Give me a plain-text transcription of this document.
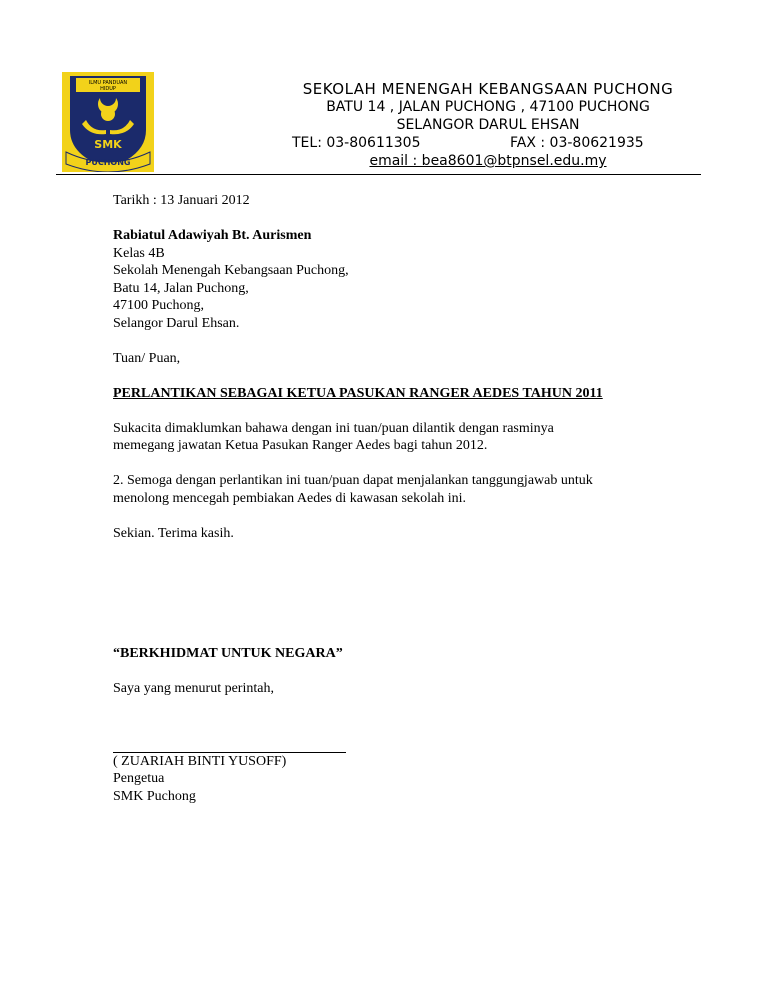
ILMU PANDUAN
HIDUP
SMK
PUCHONG
SEKOLAH MENENGAH KEBANGSAAN PUCHONG
BATU 14 , JALAN PUCHONG , 47100 PUCHONG
SELANGOR DARUL EHSAN
TEL: 03-80611305	FAX : 03-80621935
email : bea8601@btpnsel.edu.my

Tarikh : 13 Januari 2012

Rabiatul Adawiyah Bt. Aurismen

Kelas 4B

Sekolah Menengah Kebangsaan Puchong,

Batu 14, Jalan Puchong,

47100 Puchong,

Selangor Darul Ehsan.

Tuan/ Puan,

PERLANTIKAN SEBAGAI KETUA PASUKAN RANGER AEDES TAHUN 2011

Sukacita dimaklumkan bahawa dengan ini tuan/puan dilantik dengan rasminya

memegang jawatan Ketua Pasukan Ranger Aedes bagi tahun 2012.

2. Semoga dengan perlantikan ini tuan/puan dapat menjalankan tanggungjawab untuk

menolong mencegah pembiakan Aedes di kawasan sekolah ini.

Sekian. Terima kasih.

“BERKHIDMAT UNTUK NEGARA”

Saya yang menurut perintah,

( ZUARIAH BINTI YUSOFF)

Pengetua

SMK Puchong
